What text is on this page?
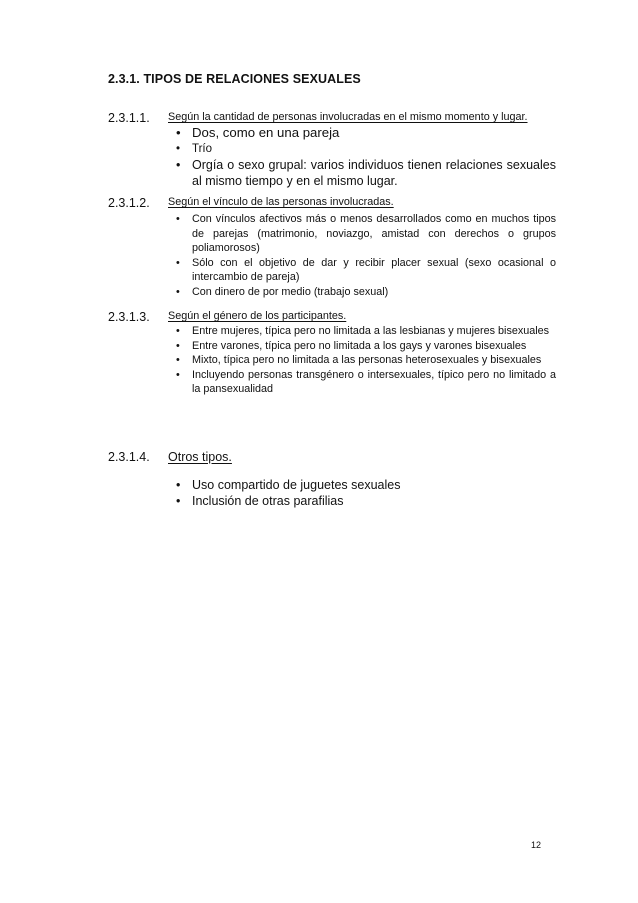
2.3.1. TIPOS DE RELACIONES SEXUALES
2.3.1.1. Según la cantidad de personas involucradas en el mismo momento y lugar.
• Dos, como en una pareja
• Trío
• Orgía o sexo grupal: varios individuos tienen relaciones sexuales al mismo tiempo y en el mismo lugar.
2.3.1.2. Según el vínculo de las personas involucradas.
• Con vínculos afectivos más o menos desarrollados como en muchos tipos de parejas (matrimonio, noviazgo, amistad con derechos o grupos poliamorosos)
• Sólo con el objetivo de dar y recibir placer sexual (sexo ocasional o intercambio de pareja)
• Con dinero de por medio (trabajo sexual)
2.3.1.3. Según el género de los participantes.
• Entre mujeres, típica pero no limitada a las lesbianas y mujeres bisexuales
• Entre varones, típica pero no limitada a los gays y varones bisexuales
• Mixto, típica pero no limitada a las personas heterosexuales y bisexuales
• Incluyendo personas transgénero o intersexuales, típico pero no limitado a la pansexualidad
2.3.1.4. Otros tipos.
• Uso compartido de juguetes sexuales
• Inclusión de otras parafilias
12
